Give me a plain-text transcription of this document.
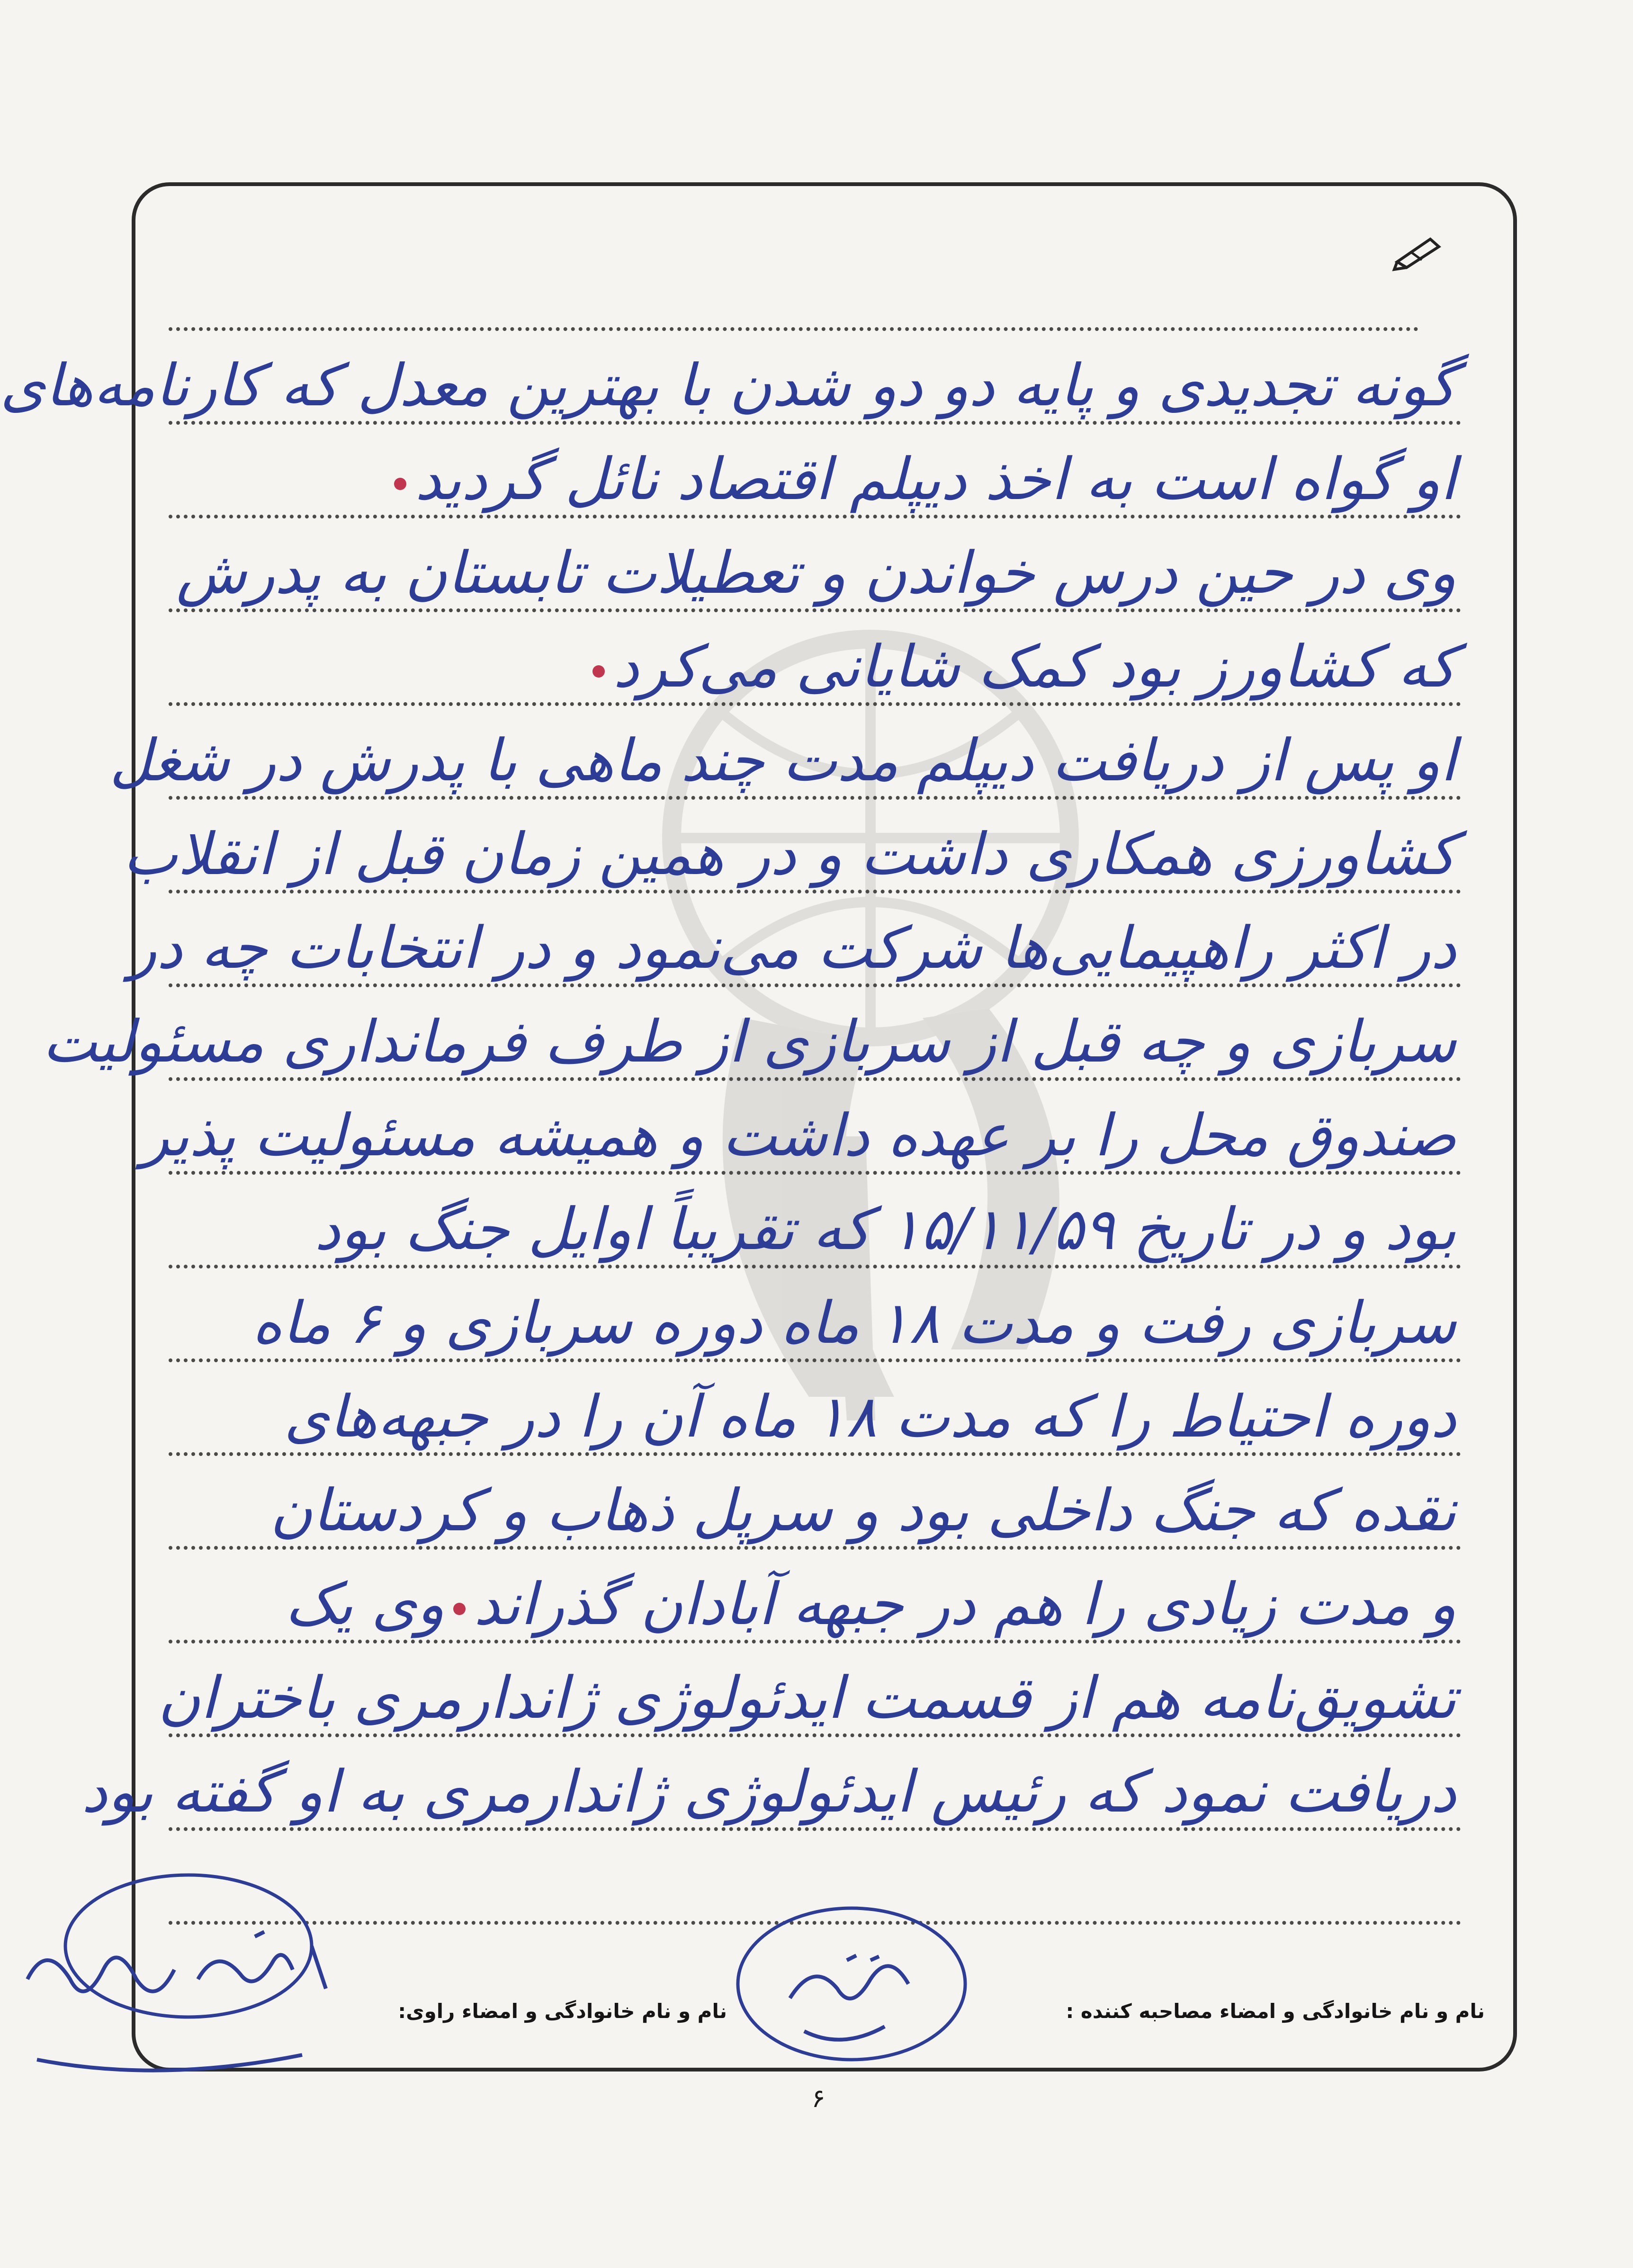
گونه تجدیدی و پایه دو دو شدن با بهترین معدل که کارنامه‌های
او گواه است به اخذ دیپلم اقتصاد نائل گردید
وی در حین درس خواندن و تعطیلات تابستان به پدرش
که کشاورز بود کمک شایانی می‌کرد
او پس از دریافت دیپلم مدت چند ماهی با پدرش در شغل
کشاورزی همکاری داشت و در همین زمان قبل از انقلاب
در اکثر راهپیمایی‌ها شرکت می‌نمود و در انتخابات چه در
سربازی و چه قبل از سربازی از طرف فرمانداری مسئولیت
صندوق محل را بر عهده داشت و همیشه مسئولیت پذیر
بود و در تاریخ ۱۵/۱۱/۵۹ که تقریباً اوایل جنگ بود
سربازی رفت و مدت ۱۸ ماه دوره سربازی و ۶ ماه
دوره احتیاط را که مدت ۱۸ ماه آن را در جبهه‌های
نقده که جنگ داخلی بود و سرپل ذهاب و کردستان
و مدت زیادی را هم در جبهه آبادان گذراندوی یک
تشویق‌نامه هم از قسمت ایدئولوژی ژاندارمری باختران
دریافت نمود که رئیس ایدئولوژی ژاندارمری به او گفته بود
نام و نام خانوادگی و امضاء مصاحبه کننده :
نام و نام خانوادگی و امضاء راوی:
۶
